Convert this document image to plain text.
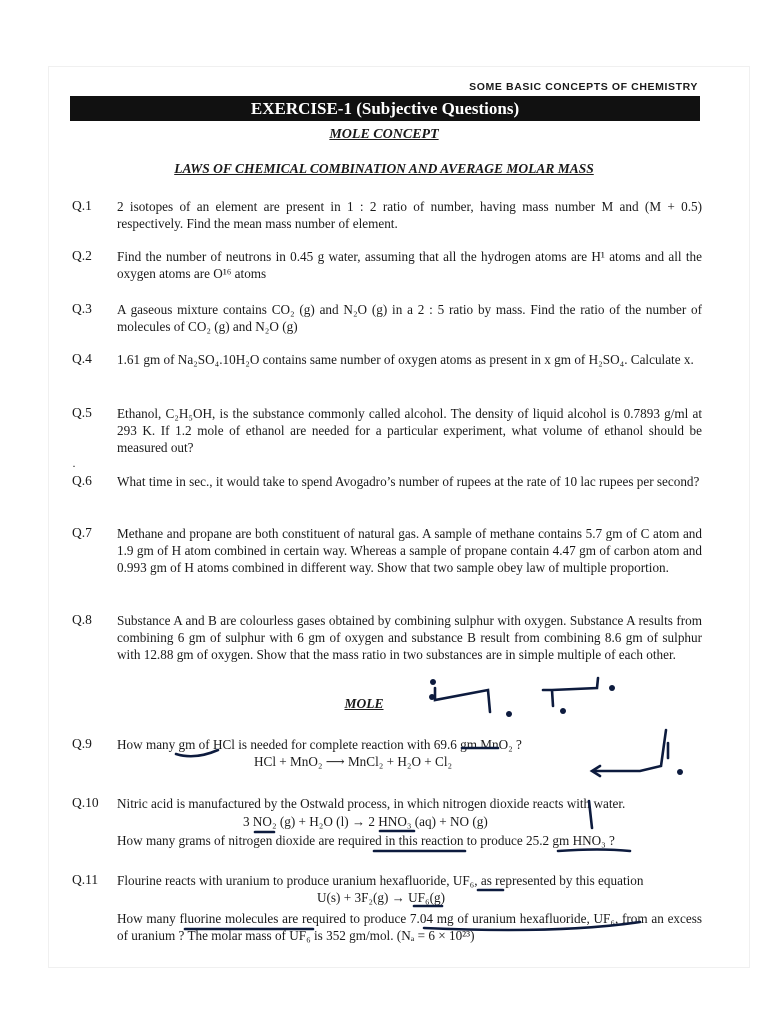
SOME BASIC CONCEPTS OF CHEMISTRY
EXERCISE-1 (Subjective Questions)
MOLE CONCEPT
LAWS OF CHEMICAL COMBINATION AND AVERAGE MOLAR MASS
Q.1 2 isotopes of an element are present in 1 : 2 ratio of number, having mass number M and (M + 0.5) respectively. Find the mean mass number of element.
Q.2 Find the number of neutrons in 0.45 g water, assuming that all the hydrogen atoms are H¹ atoms and all the oxygen atoms are O¹⁶ atoms
Q.3 A gaseous mixture contains CO₂ (g) and N₂O (g) in a 2 : 5 ratio by mass. Find the ratio of the number of molecules of CO₂ (g) and N₂O (g)
Q.4 1.61 gm of Na₂SO₄.10H₂O contains same number of oxygen atoms as present in x gm of H₂SO₄. Calculate x.
Q.5 Ethanol, C₂H₅OH, is the substance commonly called alcohol. The density of liquid alcohol is 0.7893 g/ml at 293 K. If 1.2 mole of ethanol are needed for a particular experiment, what volume of ethanol should be measured out?
·
Q.6 What time in sec., it would take to spend Avogadro’s number of rupees at the rate of 10 lac rupees per second?
Q.7 Methane and propane are both constituent of natural gas. A sample of methane contains 5.7 gm of C atom and 1.9 gm of H atom combined in certain way. Whereas a sample of propane contain 4.47 gm of carbon atom and 0.993 gm of H atoms combined in different way. Show that two sample obey law of multiple proportion.
Q.8 Substance A and B are colourless gases obtained by combining sulphur with oxygen. Substance A results from combining 6 gm of sulphur with 6 gm of oxygen and substance B result from combining 8.6 gm of sulphur with 12.88 gm of oxygen. Show that the mass ratio in two substances are in simple multiple of each other.
MOLE
Q.9 How many gm of HCl is needed for complete reaction with 69.6 gm MnO₂ ?
HCl + MnO₂ ⟶ MnCl₂ + H₂O + Cl₂
Q.10 Nitric acid is manufactured by the Ostwald process, in which nitrogen dioxide reacts with water.
3 NO₂ (g) + H₂O (l) → 2 HNO₃ (aq) + NO (g)
How many grams of nitrogen dioxide are required in this reaction to produce 25.2 gm HNO₃ ?
Q.11 Flourine reacts with uranium to produce uranium hexafluoride, UF₆, as represented by this equation
U(s) + 3F₂(g) → UF₆(g)
How many fluorine molecules are required to produce 7.04 mg of uranium hexafluoride, UF₆, from an excess of uranium ? The molar mass of UF₆ is 352 gm/mol. (Nₐ = 6 × 10²³)
